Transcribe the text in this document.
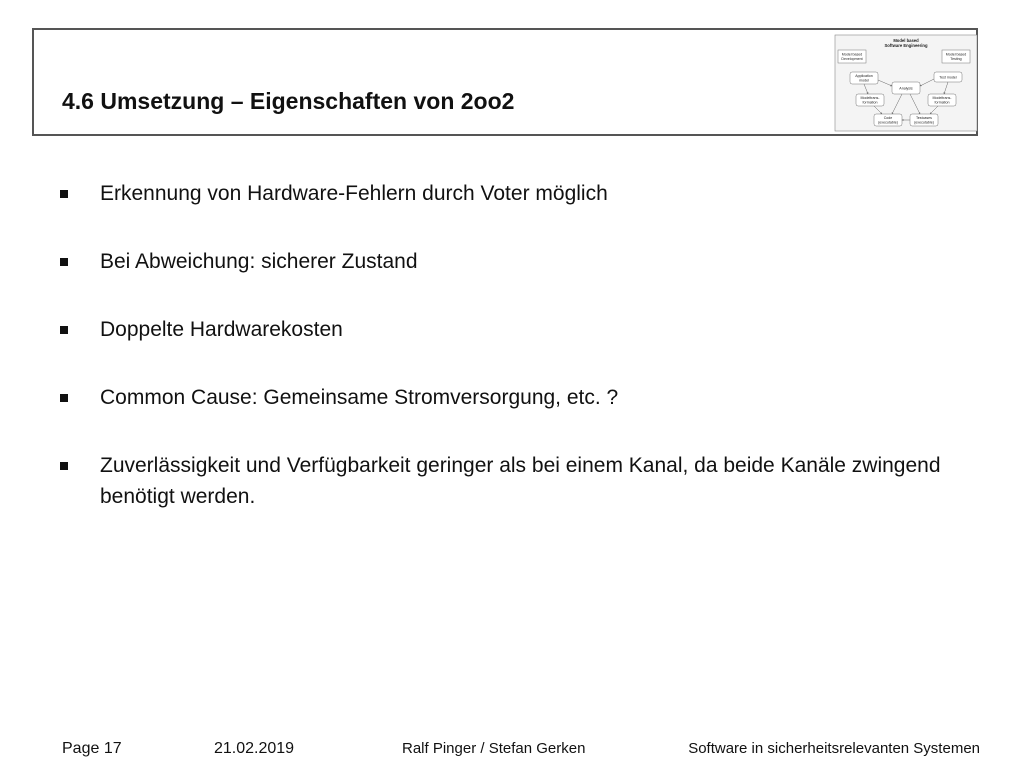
4.6 Umsetzung – Eigenschaften von 2oo2
Model based
Software Engineering
Model based
Development
Model based
Testing
Application
model
Test model
Analysis
Modeltrans-
formation
Modeltrans-
formation
Code
(executable)
Testcases
(executable)
Erkennung von Hardware-Fehlern durch Voter möglich
Bei Abweichung: sicherer Zustand
Doppelte Hardwarekosten
Common Cause: Gemeinsame Stromversorgung, etc. ?
Zuverlässigkeit und Verfügbarkeit geringer als bei einem Kanal, da beide Kanäle zwingend benötigt werden.
Page 17	21.02.2019	Ralf Pinger / Stefan Gerken	Software in sicherheitsrelevanten Systemen
